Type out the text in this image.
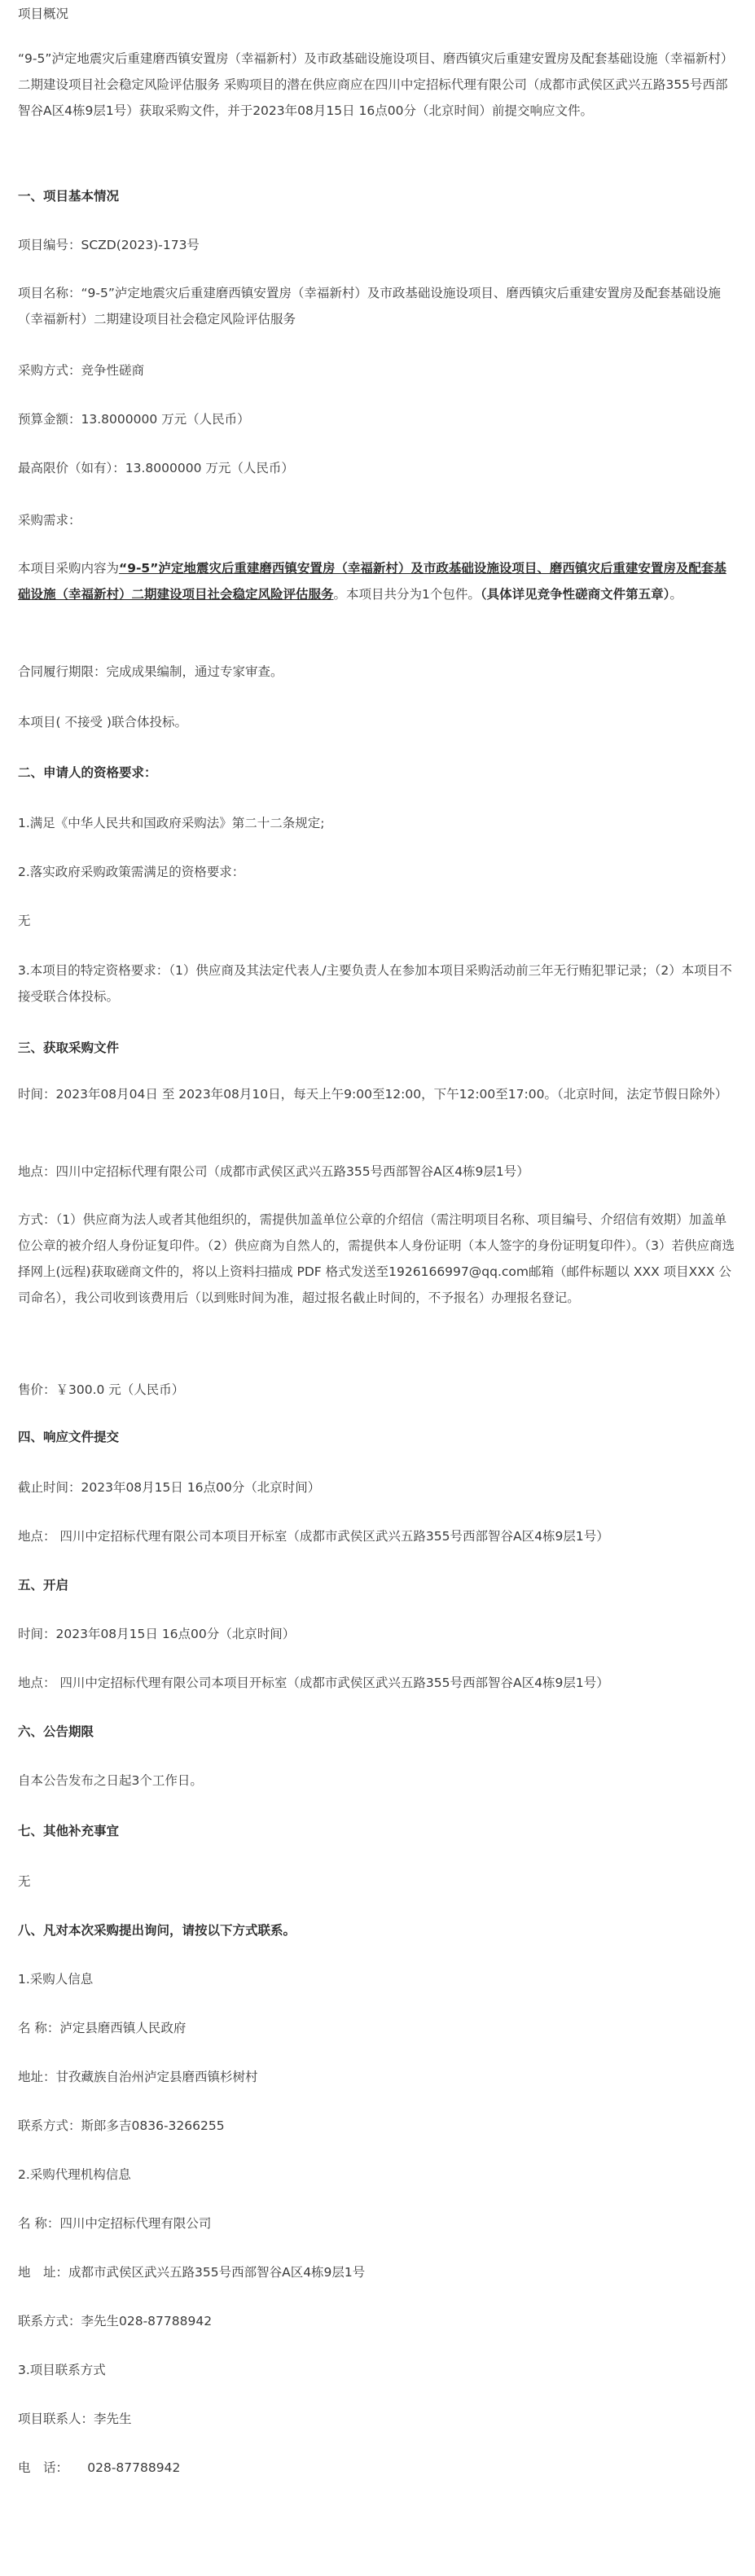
项目概况
“9-5”泸定地震灾后重建磨西镇安置房（幸福新村）及市政基础设施设项目、磨西镇灾后重建安置房及配套基础设施（幸福新村）二期建设项目社会稳定风险评估服务 采购项目的潜在供应商应在四川中定招标代理有限公司（成都市武侯区武兴五路355号西部智谷A区4栋9层1号）获取采购文件，并于2023年08月15日 16点00分（北京时间）前提交响应文件。
一、项目基本情况
项目编号：SCZD(2023)-173号
项目名称：“9-5”泸定地震灾后重建磨西镇安置房（幸福新村）及市政基础设施设项目、磨西镇灾后重建安置房及配套基础设施（幸福新村）二期建设项目社会稳定风险评估服务
采购方式：竞争性磋商
预算金额：13.8000000 万元（人民币）
最高限价（如有）：13.8000000 万元（人民币）
采购需求：
本项目采购内容为“9-5”泸定地震灾后重建磨西镇安置房（幸福新村）及市政基础设施设项目、磨西镇灾后重建安置房及配套基础设施（幸福新村）二期建设项目社会稳定风险评估服务。本项目共分为1个包件。（具体详见竞争性磋商文件第五章）。
合同履行期限：完成成果编制，通过专家审查。
本项目( 不接受 )联合体投标。
二、申请人的资格要求：
1.满足《中华人民共和国政府采购法》第二十二条规定;
2.落实政府采购政策需满足的资格要求：
无
3.本项目的特定资格要求：（1）供应商及其法定代表人/主要负责人在参加本项目采购活动前三年无行贿犯罪记录；（2）本项目不接受联合体投标。
三、获取采购文件
时间：2023年08月04日 至 2023年08月10日，每天上午9:00至12:00，下午12:00至17:00。（北京时间，法定节假日除外）
地点：四川中定招标代理有限公司（成都市武侯区武兴五路355号西部智谷A区4栋9层1号）
方式：（1）供应商为法人或者其他组织的，需提供加盖单位公章的介绍信（需注明项目名称、项目编号、介绍信有效期）加盖单位公章的被介绍人身份证复印件。（2）供应商为自然人的，需提供本人身份证明（本人签字的身份证明复印件）。（3）若供应商选择网上(远程)获取磋商文件的，将以上资料扫描成 PDF 格式发送至1926166997@qq.com邮箱（邮件标题以 XXX 项目XXX 公司命名），我公司收到该费用后（以到账时间为准，超过报名截止时间的，不予报名）办理报名登记。
售价：￥300.0 元（人民币）
四、响应文件提交
截止时间：2023年08月15日 16点00分（北京时间）
地点： 四川中定招标代理有限公司本项目开标室（成都市武侯区武兴五路355号西部智谷A区4栋9层1号）
五、开启
时间：2023年08月15日 16点00分（北京时间）
地点： 四川中定招标代理有限公司本项目开标室（成都市武侯区武兴五路355号西部智谷A区4栋9层1号）
六、公告期限
自本公告发布之日起3个工作日。
七、其他补充事宜
无
八、凡对本次采购提出询问，请按以下方式联系。
1.采购人信息
名 称：泸定县磨西镇人民政府
地址：甘孜藏族自治州泸定县磨西镇杉树村
联系方式：斯郎多吉0836-3266255
2.采购代理机构信息
名 称：四川中定招标代理有限公司
地　址：成都市武侯区武兴五路355号西部智谷A区4栋9层1号
联系方式：李先生028-87788942
3.项目联系方式
项目联系人：李先生
电　话：　　028-87788942
